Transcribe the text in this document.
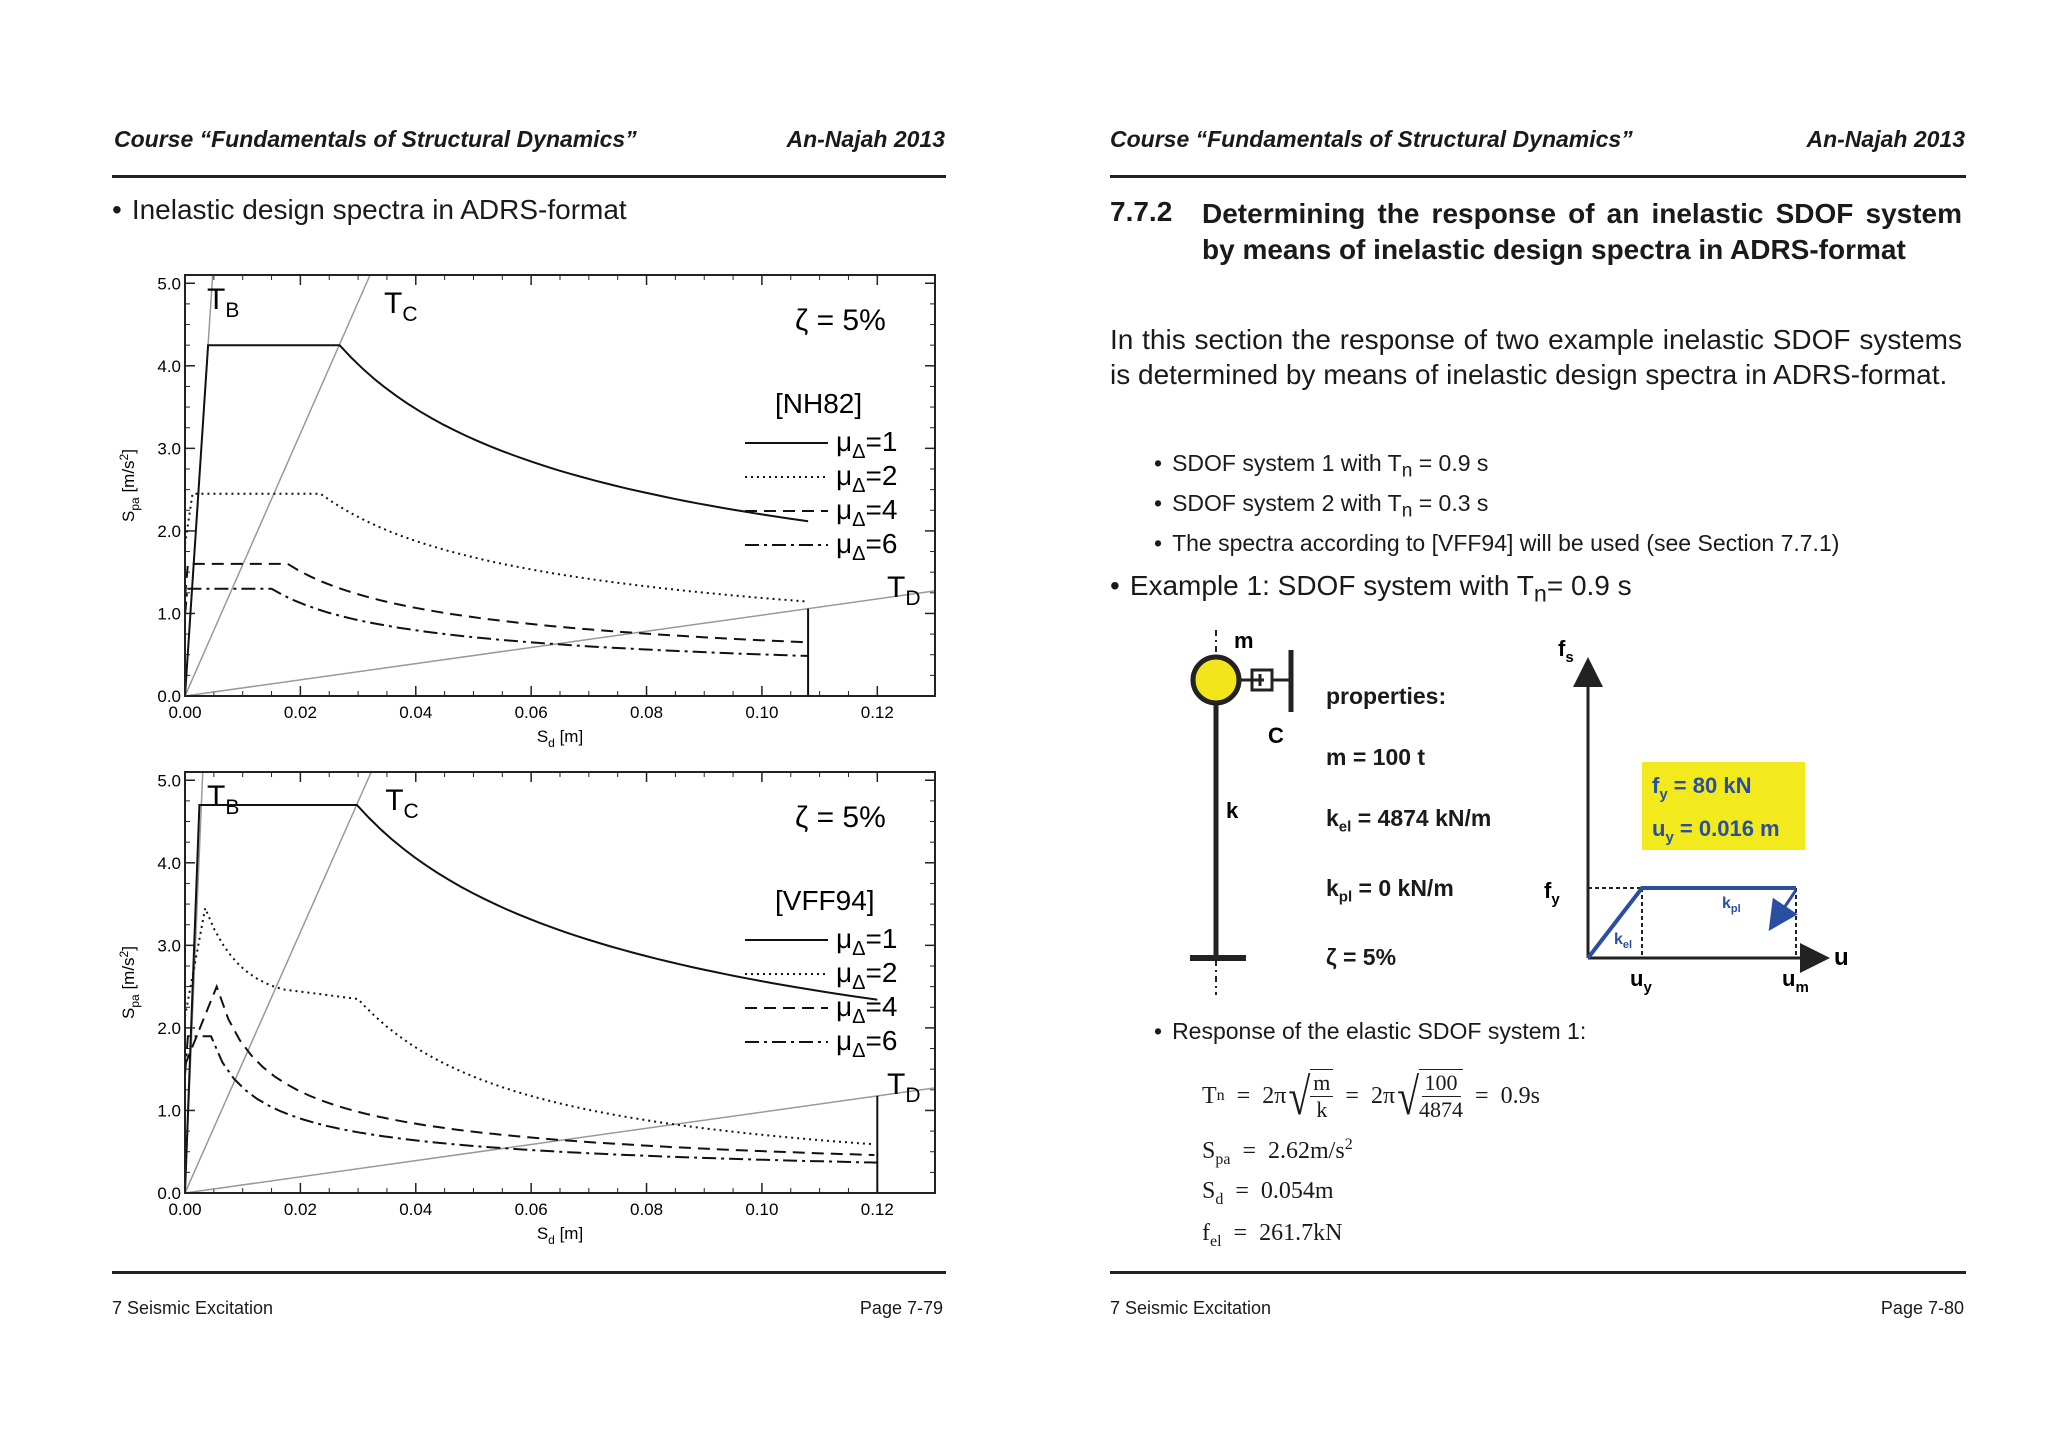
Course “Fundamentals of Structural Dynamics”	An-Najah 2013
• Inelastic design spectra in ADRS-format
0.00	0.02	0.04	0.06	0.08	0.10	0.12
0.0
1.0
2.0
3.0
4.0
5.0 $T_B$	$T_C$
$T_D$
ζ = 5%
[NH82]
$\mu_\Delta=1$
$\mu_\Delta=2$
$\mu_\Delta=4$
$\mu_\Delta=6$
$S_d$ [m]
$S_{pa}$ $[m/s^2]$
0.00	0.02	0.04	0.06	0.08	0.10	0.12
0.0
1.0
2.0
3.0
4.0
5.0 $T_B$	$T_C$
$T_D$
ζ = 5%
[VFF94]
$\mu_\Delta=1$
$\mu_\Delta=2$
$\mu_\Delta=4$
$\mu_\Delta=6$
$S_d$ [m]
$S_{pa}$ $[m/s^2]$
7 Seismic Excitation	Page 7-79
Course “Fundamentals of Structural Dynamics”	An-Najah 2013
7.7.2 Determining the response of an inelastic SDOF system by means of inelastic design spectra in ADRS-format
In this section the response of two example inelastic SDOF systems is determined by means of inelastic design spectra in ADRS-format.
• SDOF system 1 with $T_n = 0.9$ s
• SDOF system 2 with $T_n = 0.3$ s
• The spectra according to [VFF94] will be used (see Section 7.7.1)
• Example 1: SDOF system with $T_n= 0.9$ s
m
C
k
properties:
m = 100 t
$k_{el} = 4874$ kN/m
$k_{pl} = 0$ kN/m
ζ = 5%
$f_s$
u
$f_y = 80$ kN
$u_y = 0.016$ m
$f_y$
$u_y$	$u_m$
$k_{el}$
$k_{pl}$
• Response of the elastic SDOF system 1:
T n = 2π √ $\frac{m}{k} = 2\pi$ √ $\frac{100}{4874} = 0.9s$
$S_{pa} = 2.62m/s^2$
$S_d = 0.054m$
$f_{el} = 261.7kN$
7 Seismic Excitation	Page 7-80
